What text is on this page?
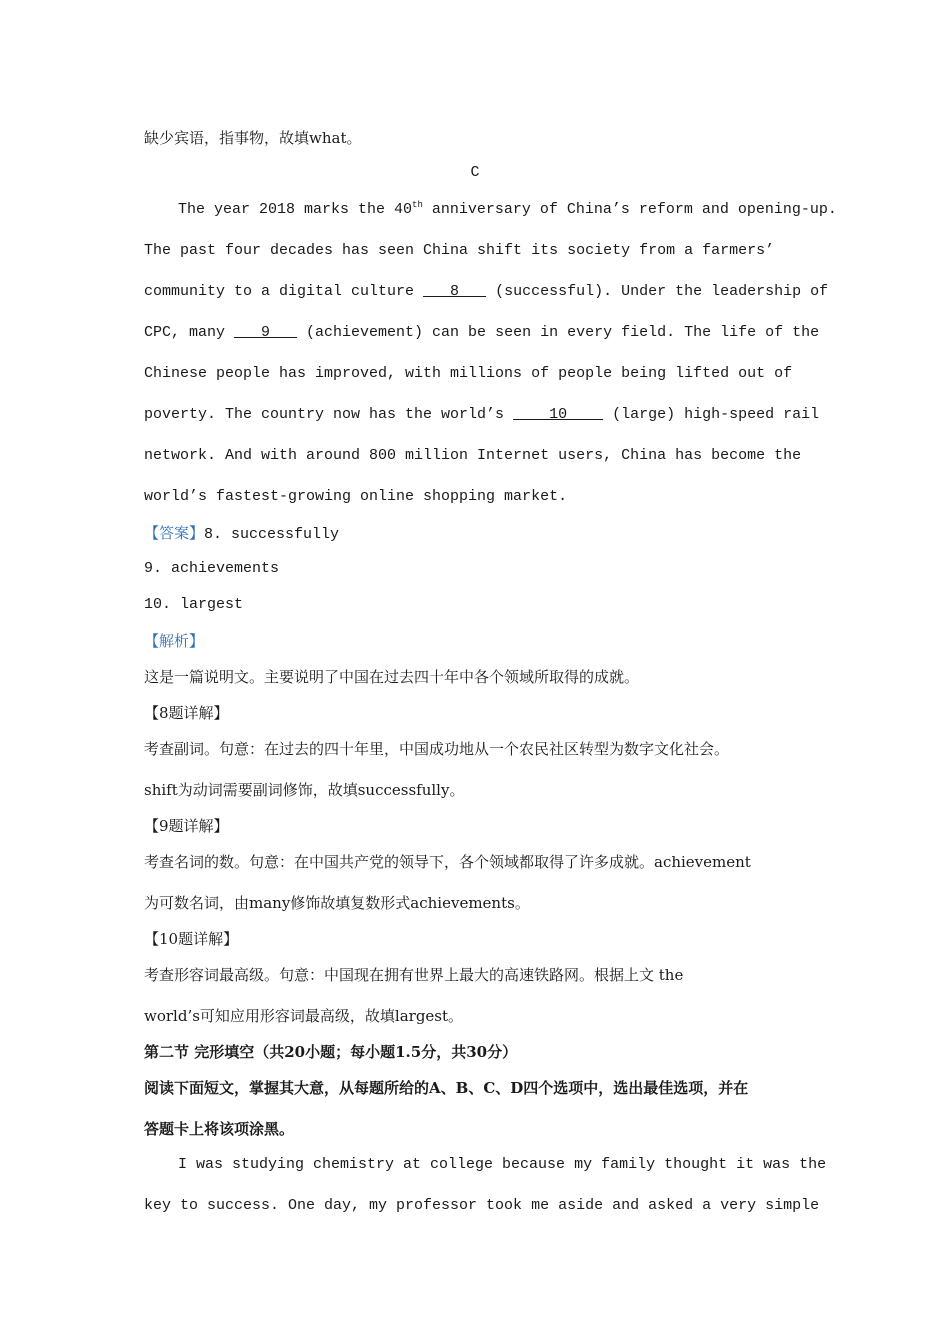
缺少宾语，指事物，故填what。
C
The year 2018 marks the 40th anniversary of China’s reform and opening-up.
The past four decades has seen China shift its society from a farmers’
community to a digital culture    8    (successful). Under the leadership of
CPC, many    9    (achievement) can be seen in every field. The life of the
Chinese people has improved, with millions of people being lifted out of
poverty. The country now has the world’s     10     (large) high-speed rail
network. And with around 800 million Internet users, China has become the
world’s fastest-growing online shopping market.
【答案】8. successfully
9. achievements
10. largest
【解析】
这是一篇说明文。主要说明了中国在过去四十年中各个领域所取得的成就。
【8题详解】
考查副词。句意：在过去的四十年里，中国成功地从一个农民社区转型为数字文化社会。
shift为动词需要副词修饰，故填successfully。
【9题详解】
考查名词的数。句意：在中国共产党的领导下，各个领域都取得了许多成就。achievement
为可数名词，由many修饰故填复数形式achievements。
【10题详解】
考查形容词最高级。句意：中国现在拥有世界上最大的高速铁路网。根据上文 the
world’s可知应用形容词最高级，故填largest。
第二节 完形填空（共20小题；每小题1.5分，共30分）
阅读下面短文，掌握其大意，从每题所给的A、B、C、D四个选项中，选出最佳选项，并在
答题卡上将该项涂黑。
I was studying chemistry at college because my family thought it was the
key to success. One day, my professor took me aside and asked a very simple
